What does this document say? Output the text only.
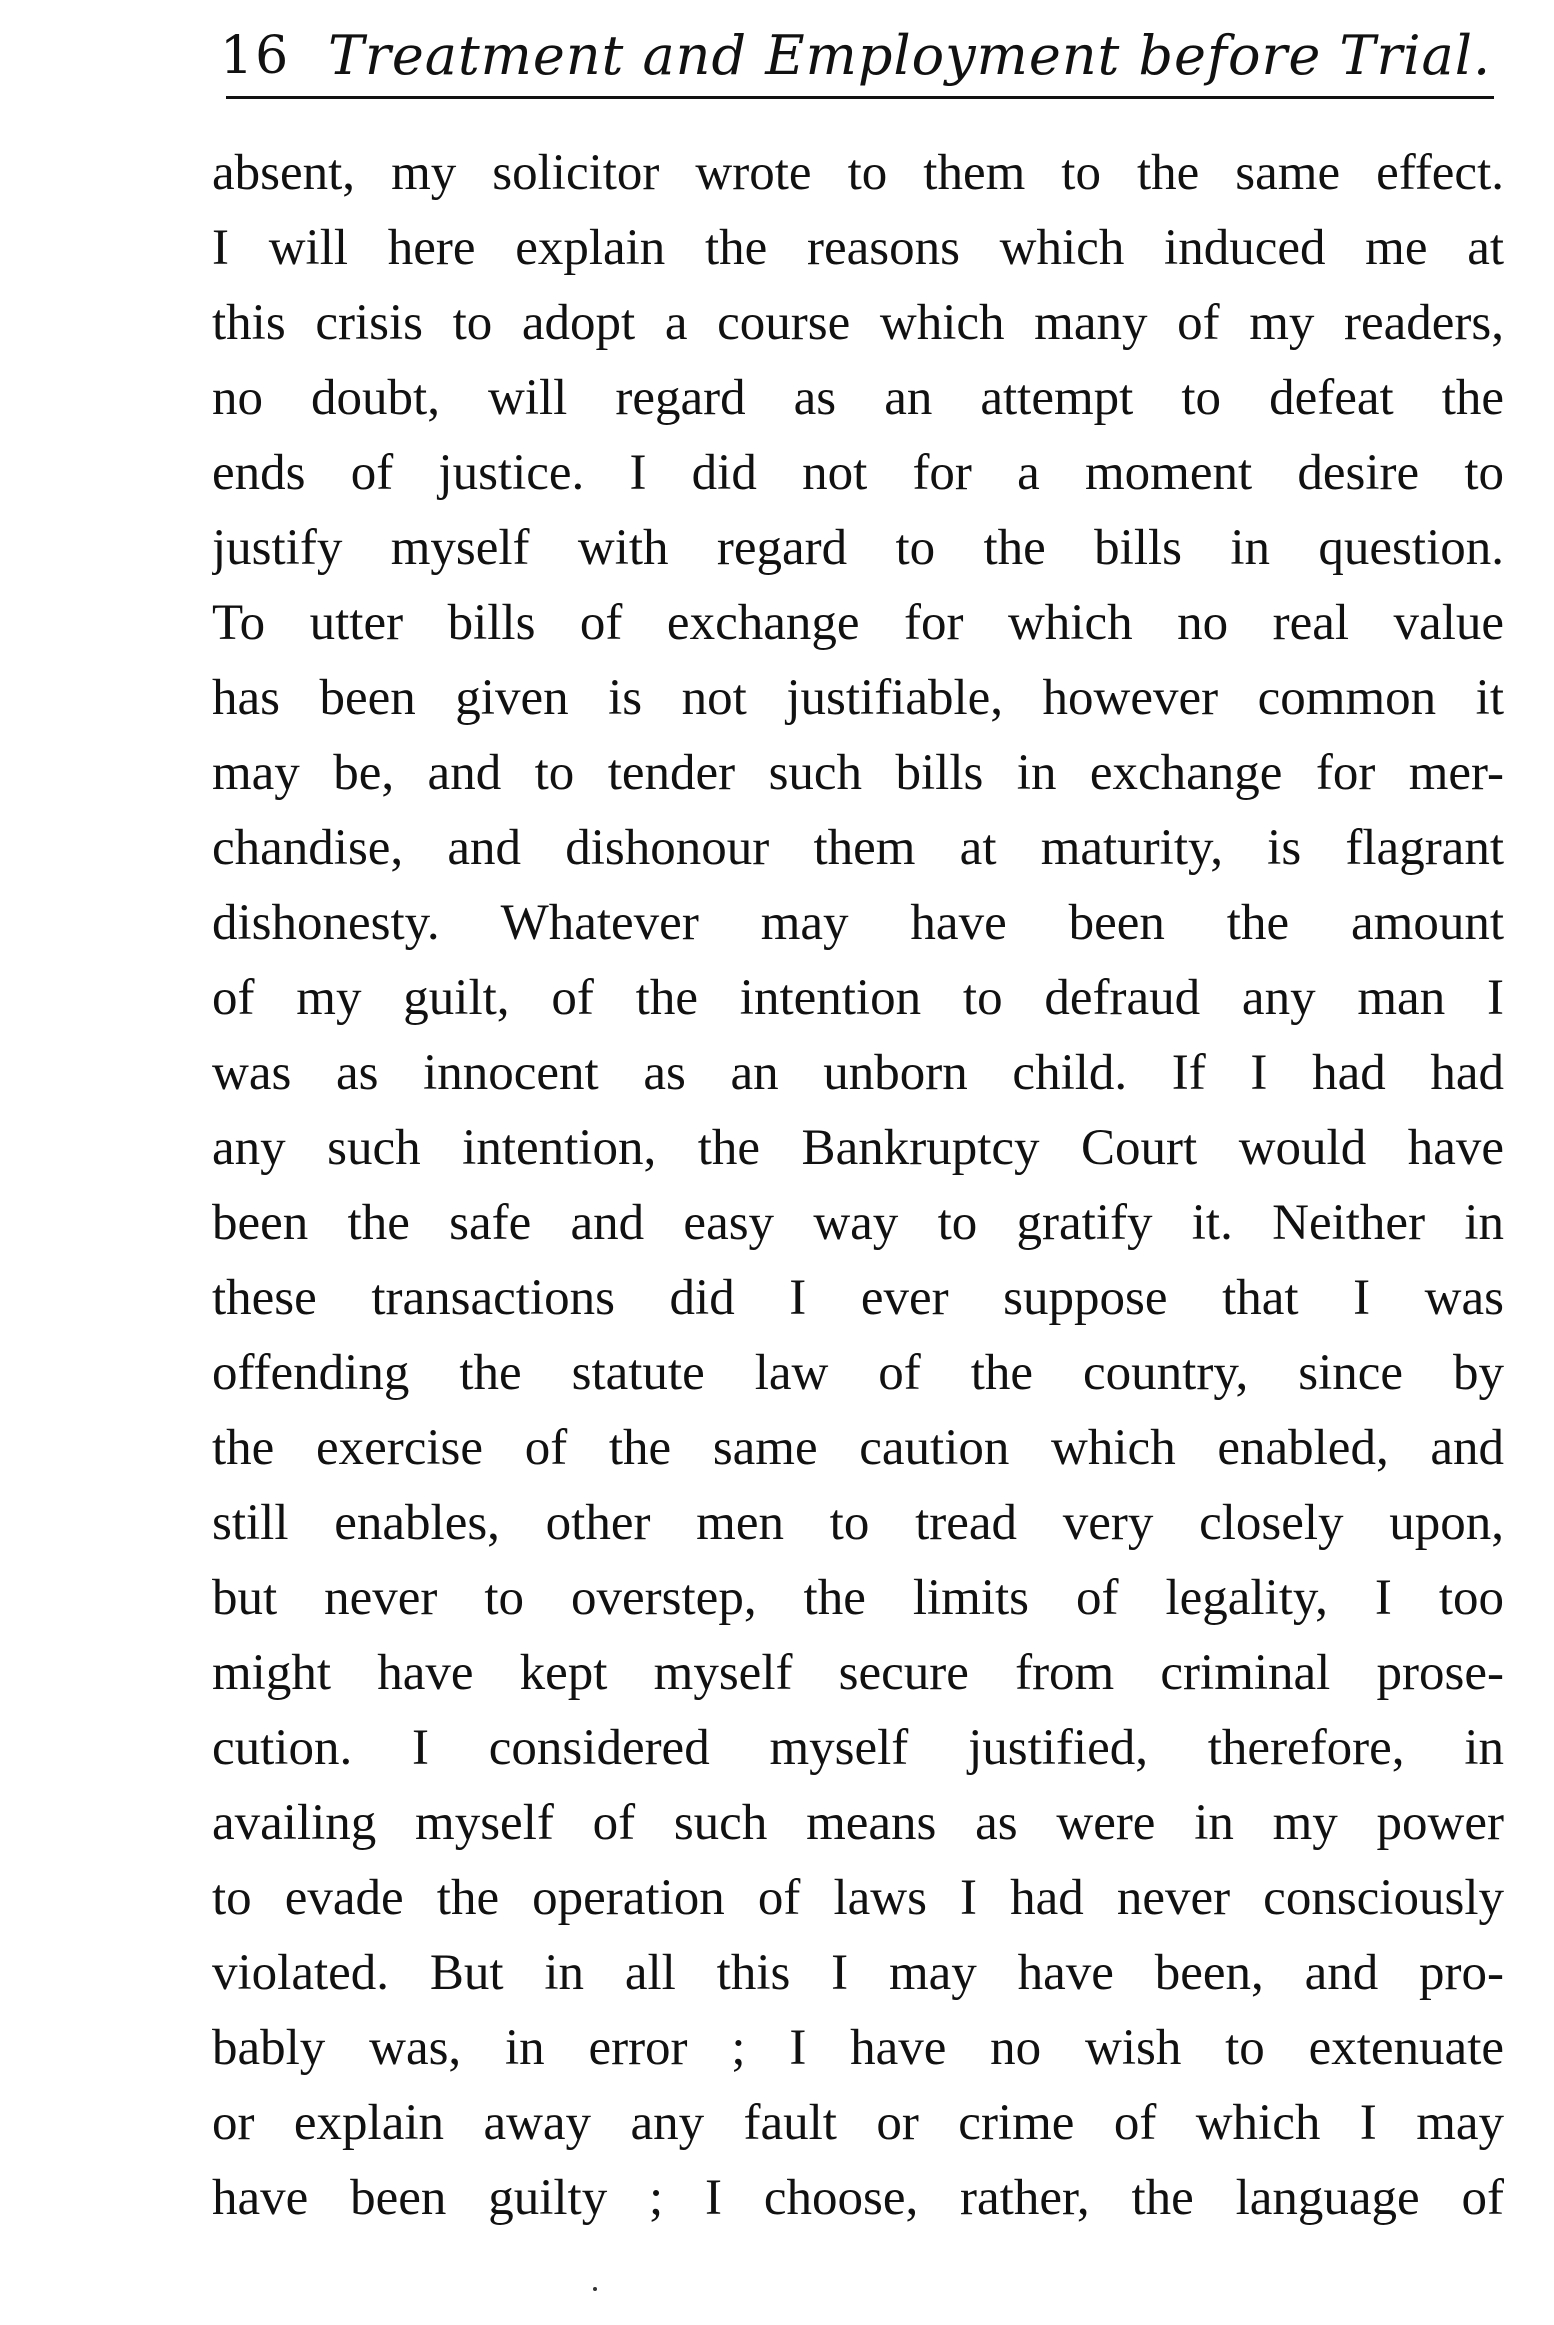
16 Treatment and Employment before Trial.
absent, my solicitor wrote to them to the same effect.
I will here explain the reasons which induced me at
this crisis to adopt a course which many of my readers,
no doubt, will regard as an attempt to defeat the
ends of justice. I did not for a moment desire to
justify myself with regard to the bills in question.
To utter bills of exchange for which no real value
has been given is not justifiable, however common it
may be, and to tender such bills in exchange for mer-
chandise, and dishonour them at maturity, is flagrant
dishonesty. Whatever may have been the amount
of my guilt, of the intention to defraud any man I
was as innocent as an unborn child. If I had had
any such intention, the Bankruptcy Court would have
been the safe and easy way to gratify it. Neither in
these transactions did I ever suppose that I was
offending the statute law of the country, since by
the exercise of the same caution which enabled, and
still enables, other men to tread very closely upon,
but never to overstep, the limits of legality, I too
might have kept myself secure from criminal prose-
cution. I considered myself justified, therefore, in
availing myself of such means as were in my power
to evade the operation of laws I had never consciously
violated. But in all this I may have been, and pro-
bably was, in error ; I have no wish to extenuate
or explain away any fault or crime of which I may
have been guilty ; I choose, rather, the language of
